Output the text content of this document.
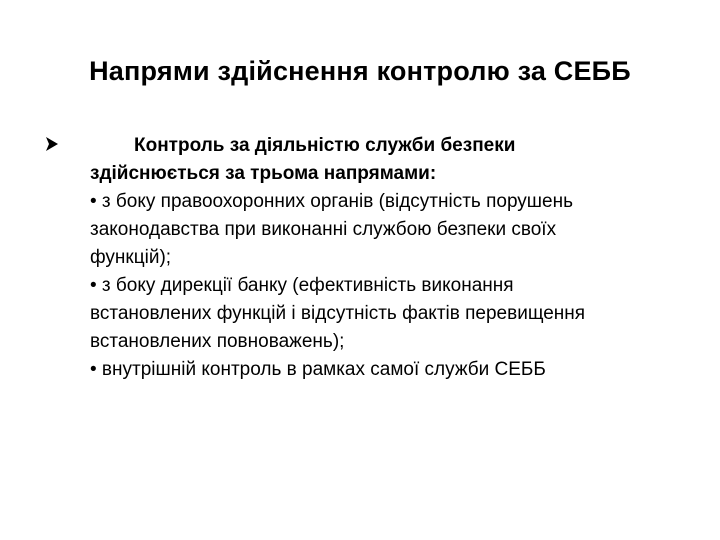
Напрями здійснення контролю за СЕББ
Контроль за діяльністю служби безпеки
здійснюється за трьома напрямами:
• з боку правоохоронних органів (відсутність порушень
законодавства при виконанні службою безпеки своїх
функцій);
• з боку дирекції банку (ефективність виконання
встановлених функцій і відсутність фактів перевищення
встановлених повноважень);
• внутрішній контроль в рамках самої служби СЕББ
